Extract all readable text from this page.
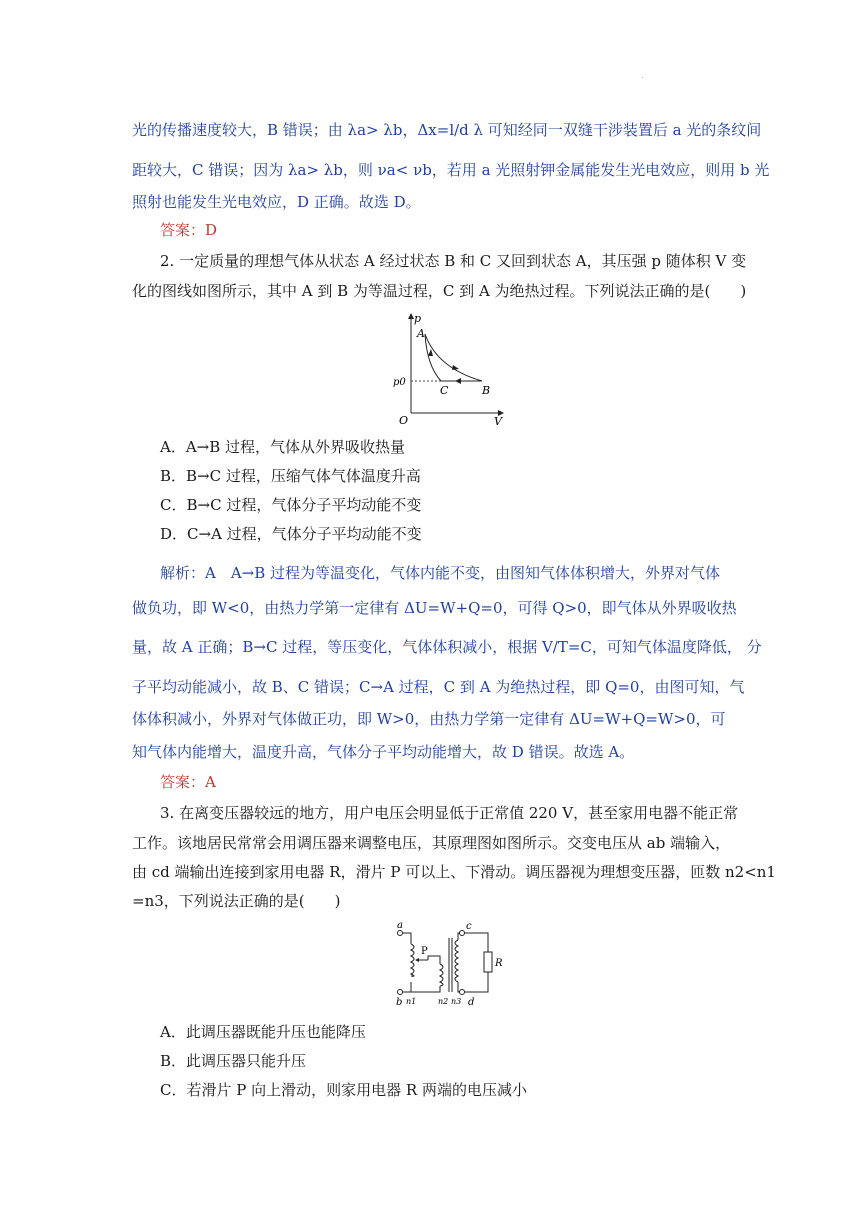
.
光的传播速度较大，B 错误；由 λa> λb，Δx=l/d λ 可知经同一双缝干涉装置后 a 光的条纹间
距较大，C 错误；因为 λa> λb，则 νa< νb，若用 a 光照射钾金属能发生光电效应，则用 b 光
照射也能发生光电效应，D 正确。故选 D。
答案：D
2. 一定质量的理想气体从状态 A 经过状态 B 和 C 又回到状态 A，其压强 p 随体积 V 变
化的图线如图所示，其中 A 到 B 为等温过程，C 到 A 为绝热过程。下列说法正确的是(　　)
p
V
O
p0
A
B
C
A．A→B 过程，气体从外界吸收热量
B．B→C 过程，压缩气体气体温度升高
C．B→C 过程，气体分子平均动能不变
D．C→A 过程，气体分子平均动能不变
解析：A　A→B 过程为等温变化，气体内能不变，由图知气体体积增大，外界对气体
做负功，即 W<0，由热力学第一定律有 ΔU=W+Q=0，可得 Q>0，即气体从外界吸收热
量，故 A 正确；B→C 过程，等压变化，气体体积减小，根据 V/T=C，可知气体温度降低， 分
子平均动能减小，故 B、C 错误；C→A 过程，C 到 A 为绝热过程，即 Q=0，由图可知，气
体体积减小，外界对气体做正功，即 W>0，由热力学第一定律有 ΔU=W+Q=W>0，可
知气体内能增大，温度升高，气体分子平均动能增大，故 D 错误。故选 A。
答案：A
3. 在离变压器较远的地方，用户电压会明显低于正常值 220 V，甚至家用电器不能正常
工作。该地居民常常会用调压器来调整电压，其原理图如图所示。交变电压从 ab 端输入，
由 cd 端输出连接到家用电器 R，滑片 P 可以上、下滑动。调压器视为理想变压器，匝数 n2<n1
=n3，下列说法正确的是(　　)
a
b
c
d
P
R
n1	n2 n3
A．此调压器既能升压也能降压
B．此调压器只能升压
C．若滑片 P 向上滑动，则家用电器 R 两端的电压减小
